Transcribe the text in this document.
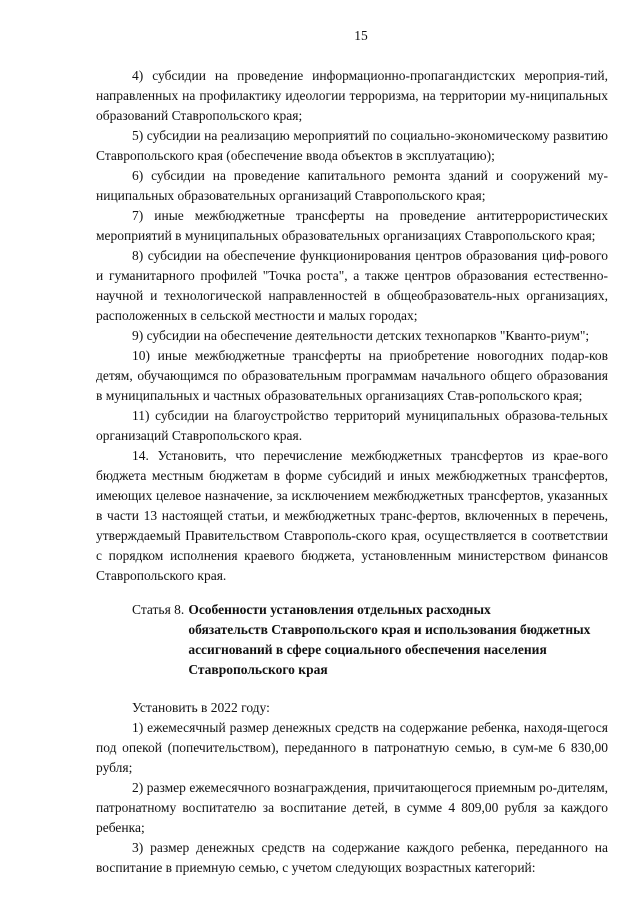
15

4) субсидии на проведение информационно-пропагандистских мероприя-тий, направленных на профилактику идеологии терроризма, на территории му-ниципальных образований Ставропольского края;

5) субсидии на реализацию мероприятий по социально-экономическому развитию Ставропольского края (обеспечение ввода объектов в эксплуатацию);

6) субсидии на проведение капитального ремонта зданий и сооружений му-ниципальных образовательных организаций Ставропольского края;

7) иные межбюджетные трансферты на проведение антитеррористических мероприятий в муниципальных образовательных организациях Ставропольского края;

8) субсидии на обеспечение функционирования центров образования циф-рового и гуманитарного профилей "Точка роста", а также центров образования естественно-научной и технологической направленностей в общеобразователь-ных организациях, расположенных в сельской местности и малых городах;

9) субсидии на обеспечение деятельности детских технопарков "Кванто-риум";

10) иные межбюджетные трансферты на приобретение новогодних подар-ков детям, обучающимся по образовательным программам начального общего образования в муниципальных и частных образовательных организациях Став-ропольского края;

11) субсидии на благоустройство территорий муниципальных образова-тельных организаций Ставропольского края.

14. Установить, что перечисление межбюджетных трансфертов из крае-вого бюджета местным бюджетам в форме субсидий и иных межбюджетных трансфертов, имеющих целевое назначение, за исключением межбюджетных трансфертов, указанных в части 13 настоящей статьи, и межбюджетных транс-фертов, включенных в перечень, утверждаемый Правительством Ставрополь-ского края, осуществляется в соответствии с порядком исполнения краевого бюджета, установленным министерством финансов Ставропольского края.

Статья 8. Особенности установления отдельных расходных
обязательств Ставропольского края и использования бюджетных ассигнований в сфере социального обеспечения населения Ставропольского края

Установить в 2022 году:

1) ежемесячный размер денежных средств на содержание ребенка, находя-щегося под опекой (попечительством), переданного в патронатную семью, в сум-ме 6 830,00 рубля;

2) размер ежемесячного вознаграждения, причитающегося приемным ро-дителям, патронатному воспитателю за воспитание детей, в сумме 4 809,00 рубля за каждого ребенка;

3) размер денежных средств на содержание каждого ребенка, переданного на воспитание в приемную семью, с учетом следующих возрастных категорий:
